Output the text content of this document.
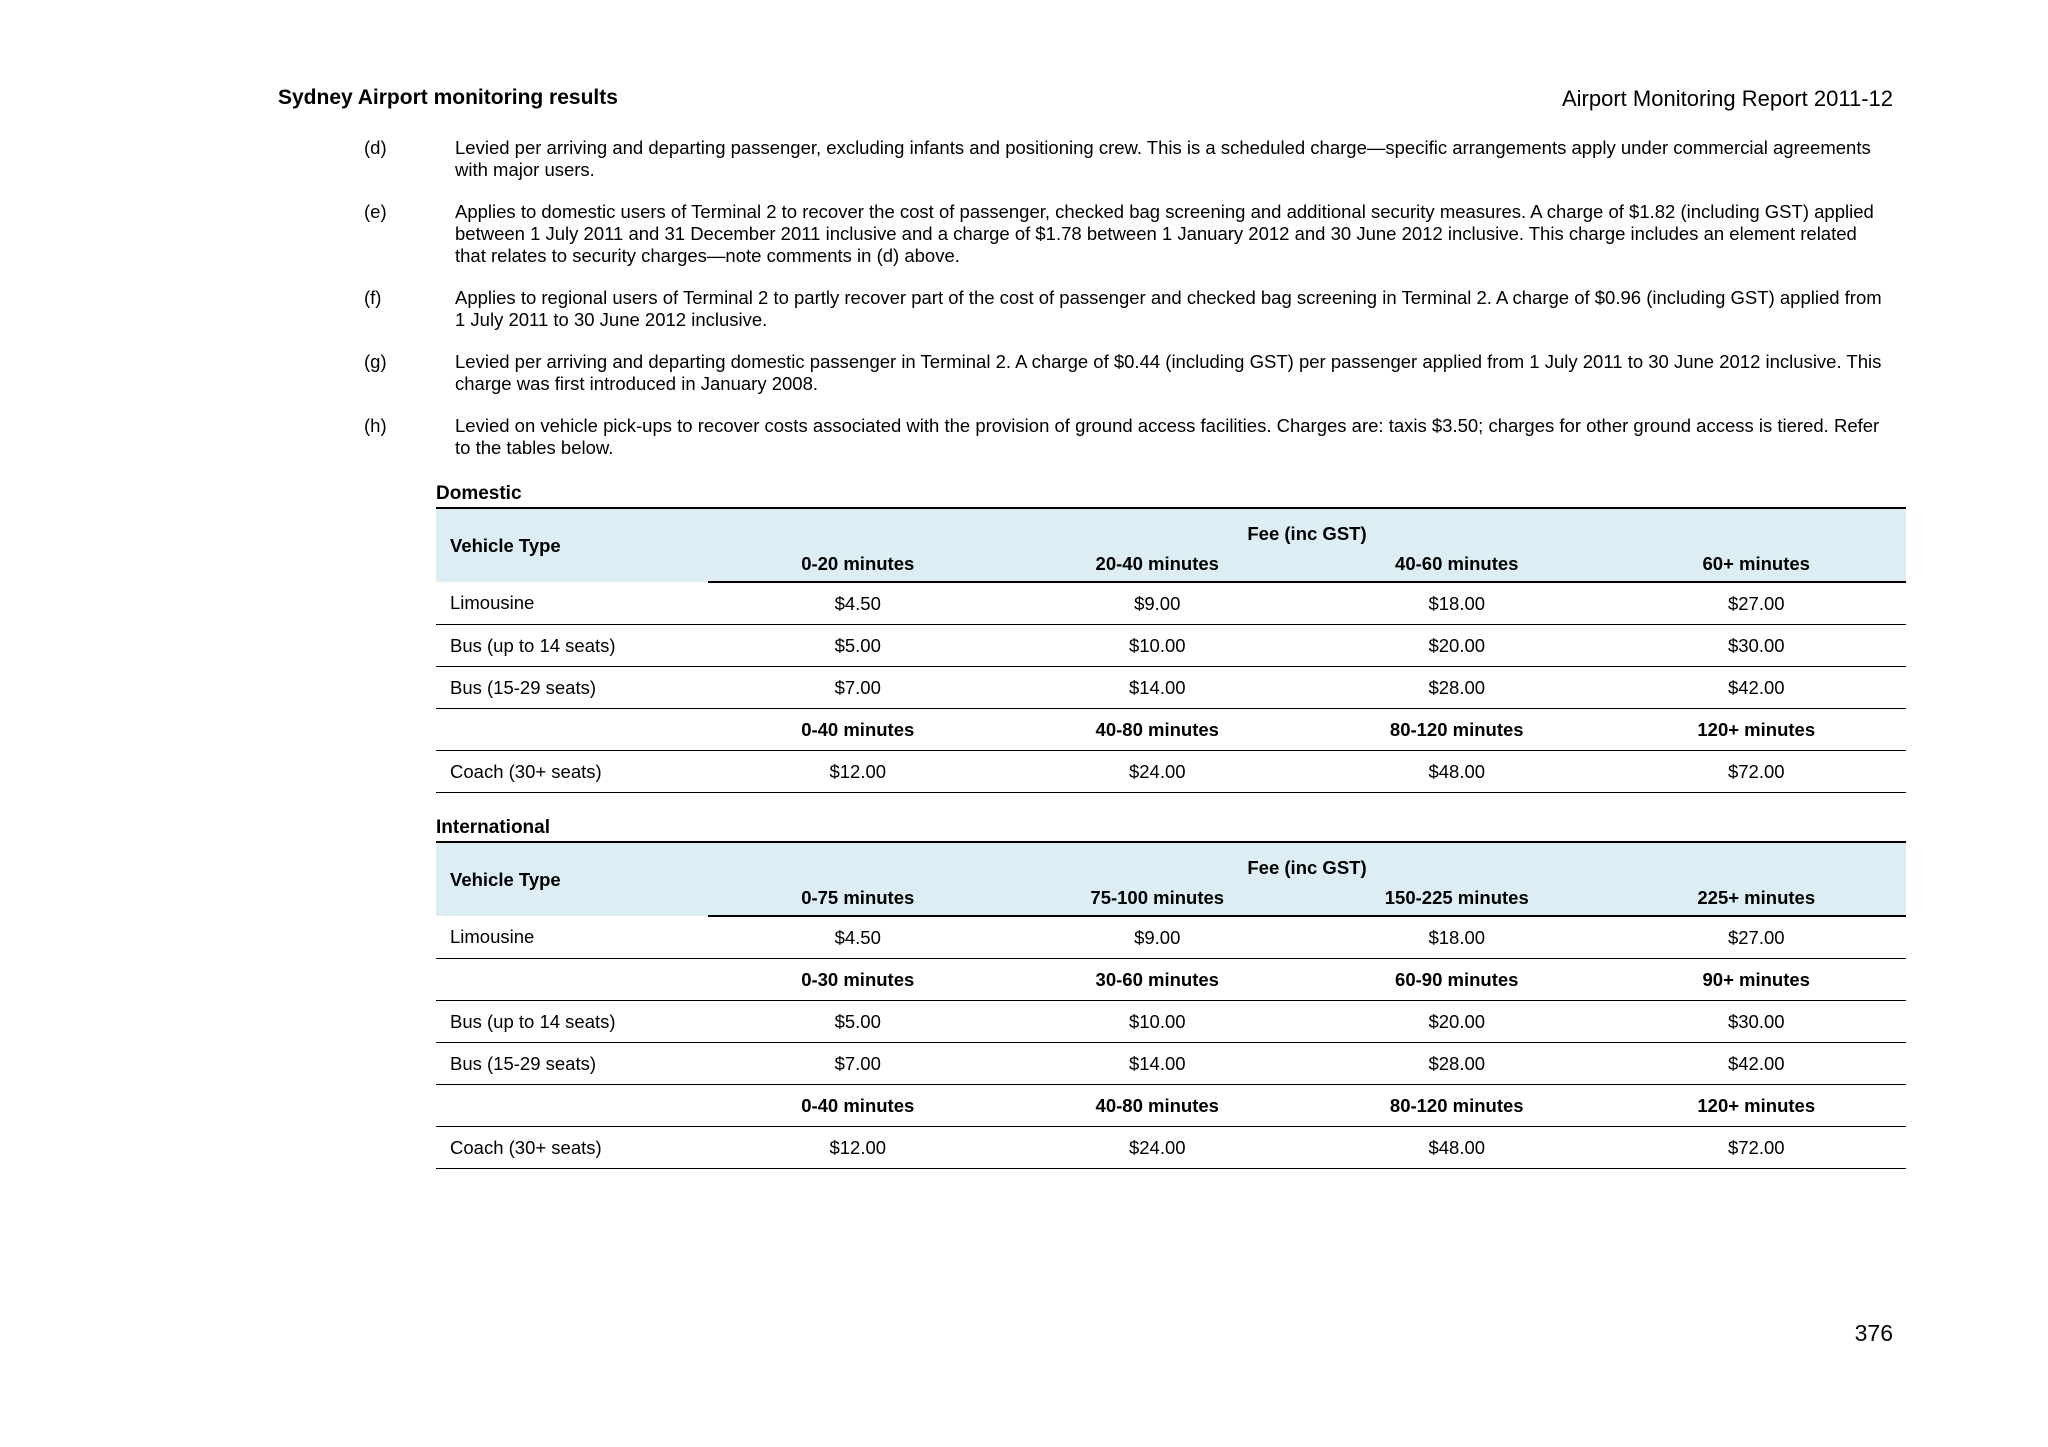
Sydney Airport monitoring results	Airport Monitoring Report 2011-12
(d)	Levied per arriving and departing passenger, excluding infants and positioning crew. This is a scheduled charge—specific arrangements apply under commercial agreements with major users.
(e)	Applies to domestic users of Terminal 2 to recover the cost of passenger, checked bag screening and additional security measures. A charge of $1.82 (including GST) applied between 1 July 2011 and 31 December 2011 inclusive and a charge of $1.78 between 1 January 2012 and 30 June 2012 inclusive. This charge includes an element related that relates to security charges—note comments in (d) above.
(f)	Applies to regional users of Terminal 2 to partly recover part of the cost of passenger and checked bag screening in Terminal 2. A charge of $0.96 (including GST) applied from 1 July 2011 to 30 June 2012 inclusive.
(g)	Levied per arriving and departing domestic passenger in Terminal 2. A charge of $0.44 (including GST) per passenger applied from 1 July 2011 to 30 June 2012 inclusive. This charge was first introduced in January 2008.
(h)	Levied on vehicle pick-ups to recover costs associated with the provision of ground access facilities. Charges are: taxis $3.50; charges for other ground access is tiered. Refer to the tables below.
Domestic
Vehicle Type	Fee (inc GST)			
	0-20 minutes	20-40 minutes	40-60 minutes	60+ minutes
Limousine	$4.50	$9.00	$18.00	$27.00
Bus (up to 14 seats)	$5.00	$10.00	$20.00	$30.00
Bus (15-29 seats)	$7.00	$14.00	$28.00	$42.00
	0-40 minutes	40-80 minutes	80-120 minutes	120+ minutes
Coach (30+ seats)	$12.00	$24.00	$48.00	$72.00
International
Vehicle Type	Fee (inc GST)			
	0-75 minutes	75-100 minutes	150-225 minutes	225+ minutes
Limousine	$4.50	$9.00	$18.00	$27.00
	0-30 minutes	30-60 minutes	60-90 minutes	90+ minutes
Bus (up to 14 seats)	$5.00	$10.00	$20.00	$30.00
Bus (15-29 seats)	$7.00	$14.00	$28.00	$42.00
	0-40 minutes	40-80 minutes	80-120 minutes	120+ minutes
Coach (30+ seats)	$12.00	$24.00	$48.00	$72.00
376
